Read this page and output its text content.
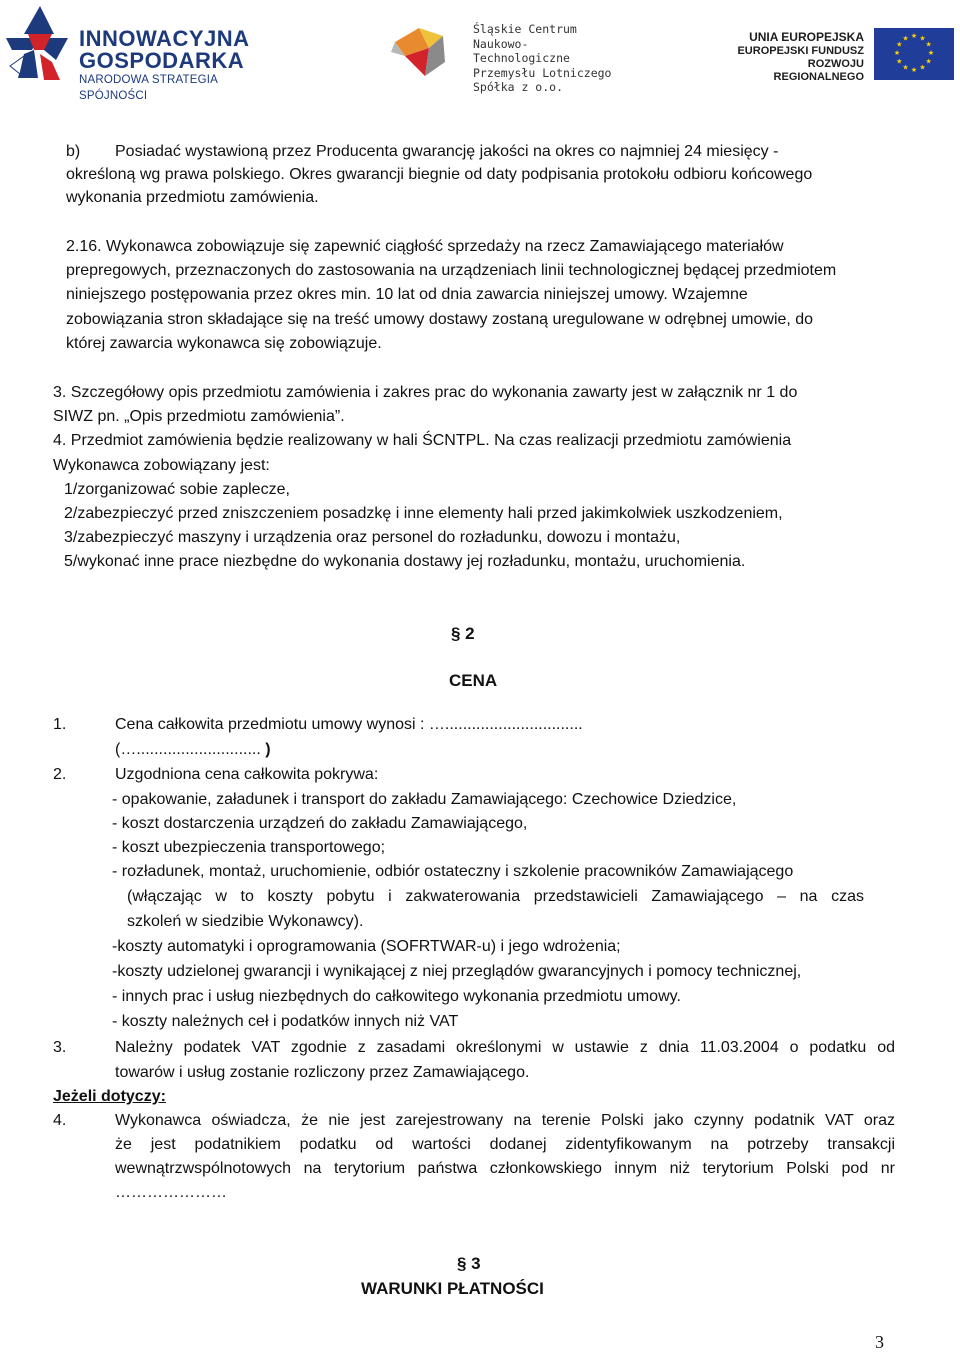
INNOWACYJNA
GOSPODARKA
NARODOWA STRATEGIA SPÓJNOŚCI
Śląskie Centrum
Naukowo-Technologiczne
Przemysłu Lotniczego
Spółka z o.o.
UNIA EUROPEJSKA
EUROPEJSKI FUNDUSZ
ROZWOJU REGIONALNEGO
★ ★
★
★
★
★
★
★
★
★
★
★
b) Posiadać wystawioną przez Producenta gwarancję jakości na okres co najmniej 24 miesięcy -
określoną wg prawa polskiego. Okres gwarancji biegnie od daty podpisania protokołu odbioru końcowego
wykonania przedmiotu zamówienia.
2.16. Wykonawca zobowiązuje się zapewnić ciągłość sprzedaży na rzecz Zamawiającego materiałów
prepregowych, przeznaczonych do zastosowania na urządzeniach linii technologicznej będącej przedmiotem
niniejszego postępowania przez okres min. 10 lat od dnia zawarcia niniejszej umowy. Wzajemne
zobowiązania stron składające się na treść umowy dostawy zostaną uregulowane w odrębnej umowie, do
której zawarcia wykonawca się zobowiązuje.
3. Szczegółowy opis przedmiotu zamówienia i zakres prac do wykonania zawarty jest w załącznik nr 1 do
SIWZ pn. „Opis przedmiotu zamówienia”.
4. Przedmiot zamówienia będzie realizowany w hali ŚCNTPL. Na czas realizacji przedmiotu zamówienia
Wykonawca zobowiązany jest:
1/zorganizować sobie zaplecze,
2/zabezpieczyć przed zniszczeniem posadzkę i inne elementy hali przed jakimkolwiek uszkodzeniem,
3/zabezpieczyć maszyny i urządzenia oraz personel do rozładunku, dowozu i montażu,
5/wykonać inne prace niezbędne do wykonania dostawy jej rozładunku, montażu, uruchomienia.
§ 2
CENA
1.	Cena całkowita przedmiotu umowy wynosi : …...............................
(…............................ )
2.	Uzgodniona cena całkowita pokrywa:
- opakowanie, załadunek i transport do zakładu Zamawiającego: Czechowice Dziedzice,
- koszt dostarczenia urządzeń do zakładu Zamawiającego,
- koszt ubezpieczenia transportowego;
- rozładunek, montaż, uruchomienie, odbiór ostateczny i szkolenie pracowników Zamawiającego
(włączając w to koszty pobytu i zakwaterowania przedstawicieli Zamawiającego – na czas
szkoleń w siedzibie Wykonawcy).
-koszty automatyki i oprogramowania (SOFRTWAR-u) i jego wdrożenia;
-koszty udzielonej gwarancji i wynikającej z niej przeglądów gwarancyjnych i pomocy technicznej,
- innych prac i usług niezbędnych do całkowitego wykonania przedmiotu umowy.
- koszty należnych ceł i podatków innych niż VAT
3.	Należny podatek VAT zgodnie z zasadami określonymi w ustawie z dnia 11.03.2004 o podatku od
towarów i usług zostanie rozliczony przez Zamawiającego.
Jeżeli dotyczy:
4.	Wykonawca oświadcza, że nie jest zarejestrowany na terenie Polski jako czynny podatnik VAT oraz
że jest podatnikiem podatku od wartości dodanej zidentyfikowanym na potrzeby transakcji
wewnątrzwspólnotowych na terytorium państwa członkowskiego innym niż terytorium Polski pod nr
…………………
§ 3
WARUNKI PŁATNOŚCI
3
